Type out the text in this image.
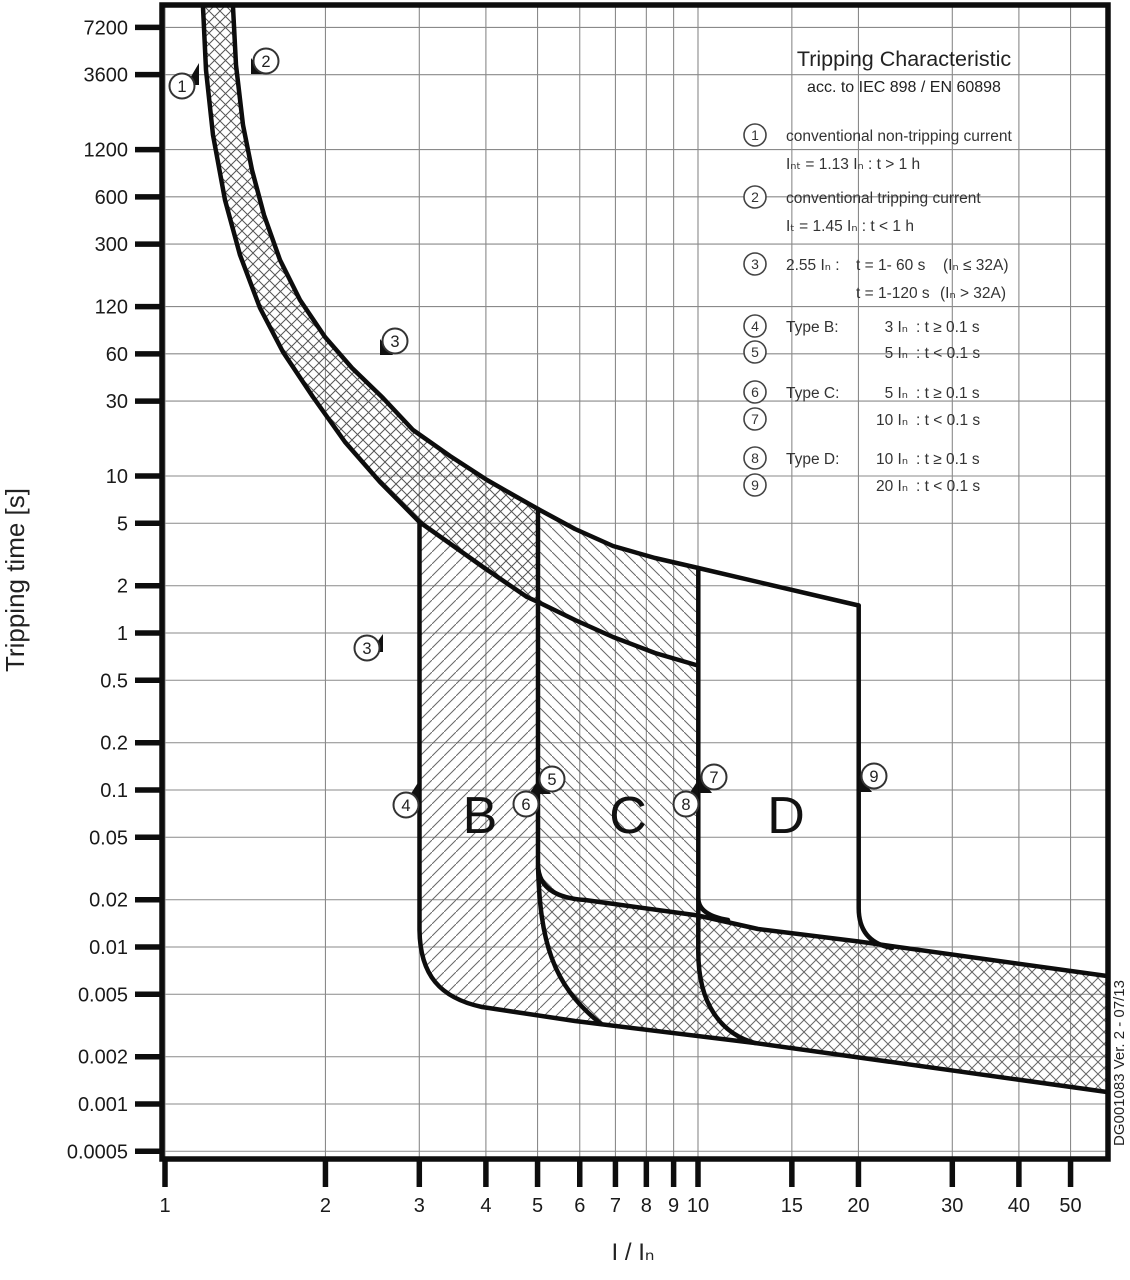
B C D
1
2
3
3
4
5
6
7
8
9
7200
3600
1200
600
300
120
60
30
10
5
2
1
0.5
0.2
0.1
0.05
0.02
0.01
0.005
0.002
0.001
0.0005
1	2	3	4 5 6 7 8 9 10	15 20	30 40 50
Tripping time [s]
I / Iₙ
Tripping Characteristic
acc. to IEC 898 / EN 60898
1 conventional non-tripping current
Iₙₜ = 1.13 Iₙ : t > 1 h
2 conventional tripping current
Iₜ = 1.45 Iₙ : t < 1 h
3 2.55 Iₙ : t = 1- 60 s (Iₙ ≤ 32A)
t = 1-120 s (Iₙ > 32A)
4 Type B:	3 Iₙ : t ≥ 0.1 s
5	5 Iₙ : t < 0.1 s
6 Type C:	5 Iₙ : t ≥ 0.1 s
7	10 Iₙ : t < 0.1 s
8 Type D: 10 Iₙ : t ≥ 0.1 s
9	20 Iₙ : t < 0.1 s
DG001083 Ver. 2 - 07/13
